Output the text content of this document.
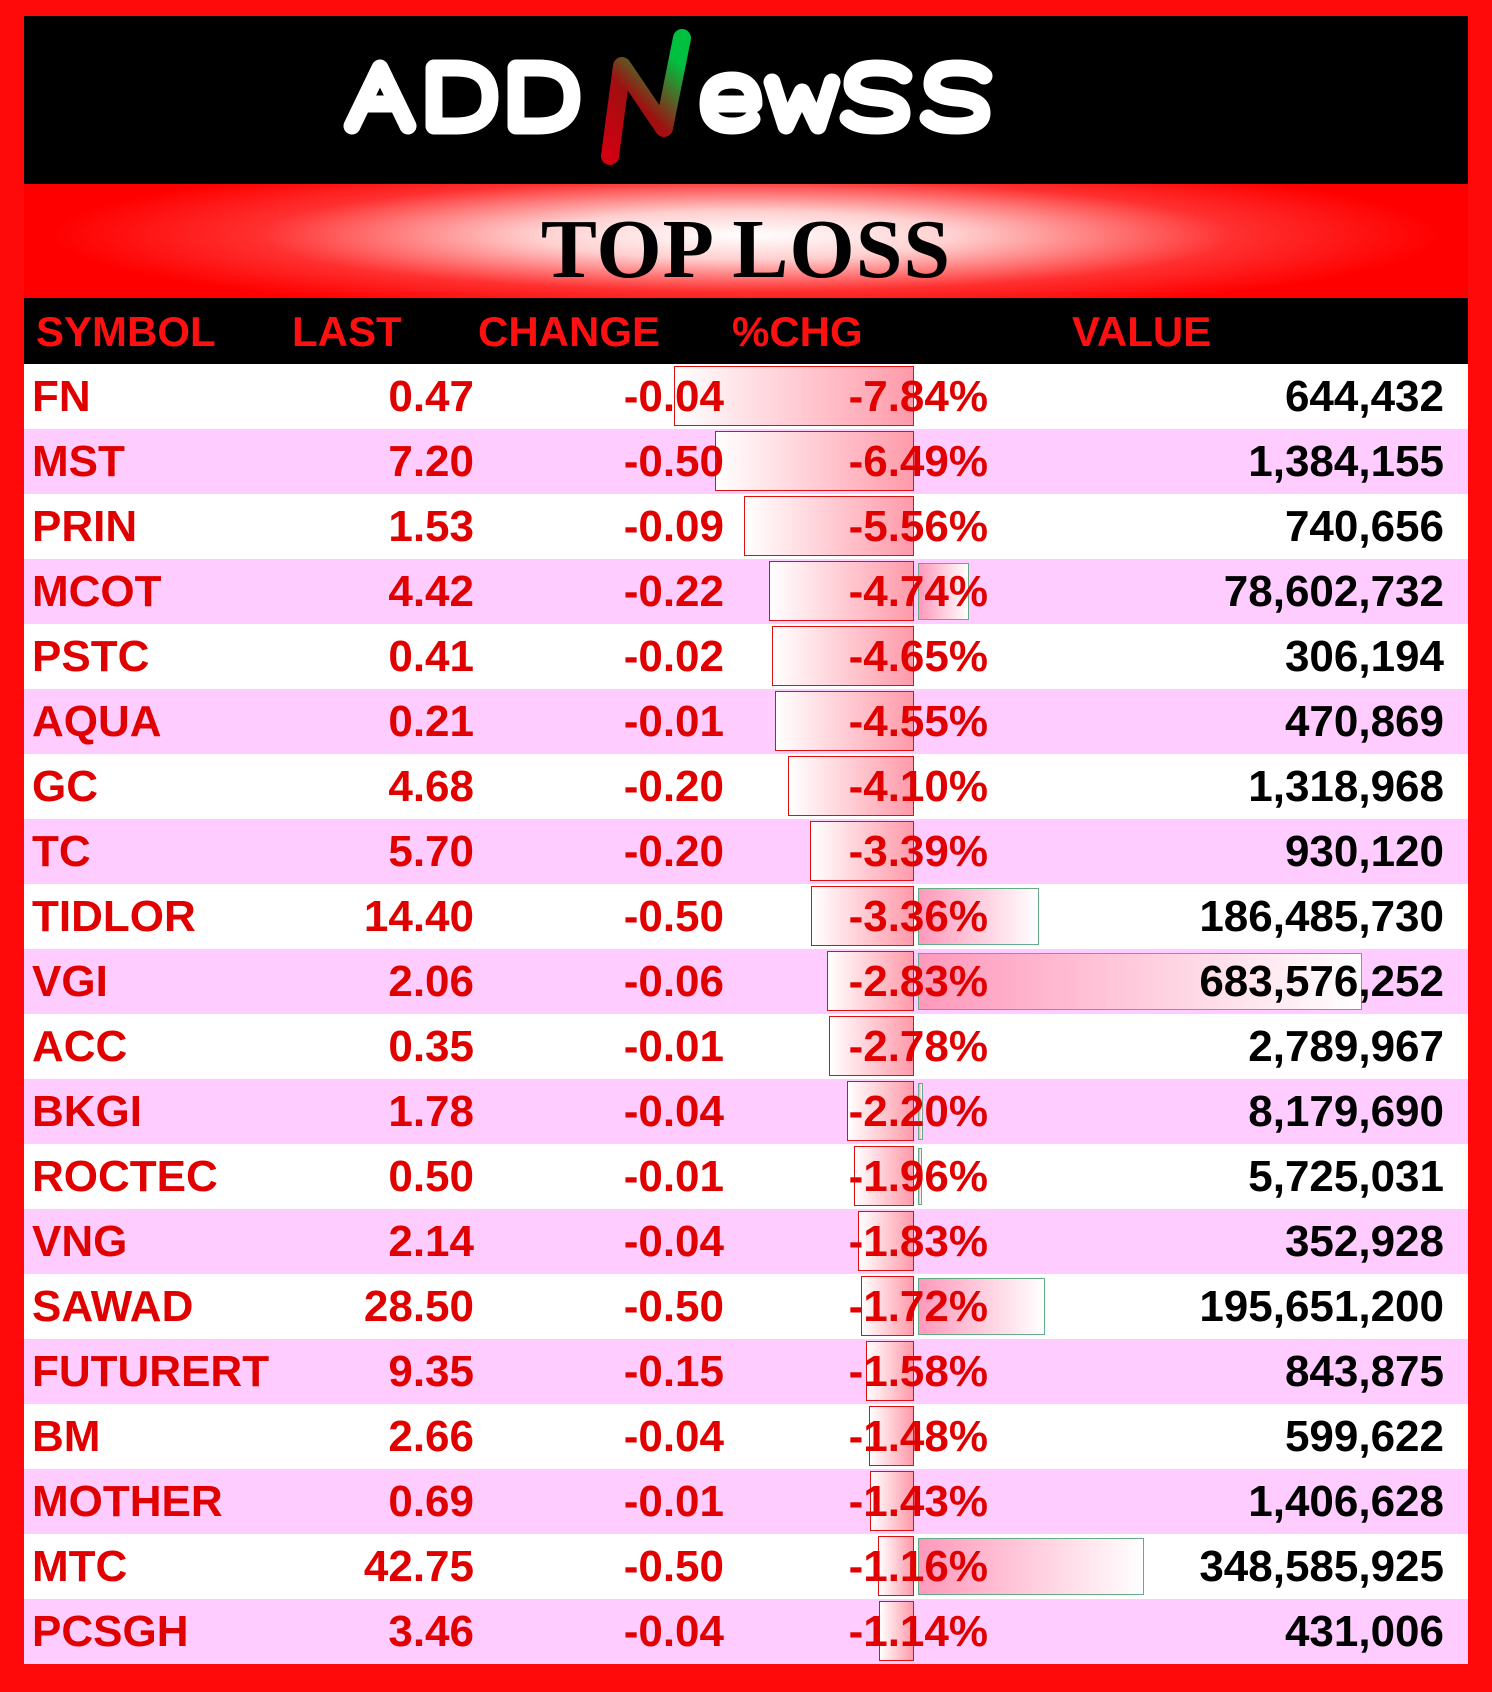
TOP LOSS
SYMBOL LAST CHANGE %CHG	VALUE
FN	0.47	-0.04	-7.84%	644,432
MST	7.20	-0.50	-6.49%	1,384,155
PRIN	1.53	-0.09	-5.56%	740,656
MCOT	4.42	-0.22	-4.74%	78,602,732
PSTC	0.41	-0.02	-4.65%	306,194
AQUA	0.21	-0.01	-4.55%	470,869
GC	4.68	-0.20	-4.10%	1,318,968
TC	5.70	-0.20	-3.39%	930,120
TIDLOR	14.40	-0.50	-3.36%	186,485,730
VGI	2.06	-0.06	-2.83%	683,576,252
ACC	0.35	-0.01	-2.78%	2,789,967
BKGI	1.78	-0.04	-2.20%	8,179,690
ROCTEC	0.50	-0.01	-1.96%	5,725,031
VNG	2.14	-0.04	-1.83%	352,928
SAWAD	28.50	-0.50	-1.72%	195,651,200
FUTURERT	9.35	-0.15	-1.58%	843,875
BM	2.66	-0.04	-1.48%	599,622
MOTHER	0.69	-0.01	-1.43%	1,406,628
MTC	42.75	-0.50	-1.16%	348,585,925
PCSGH	3.46	-0.04	-1.14%	431,006
